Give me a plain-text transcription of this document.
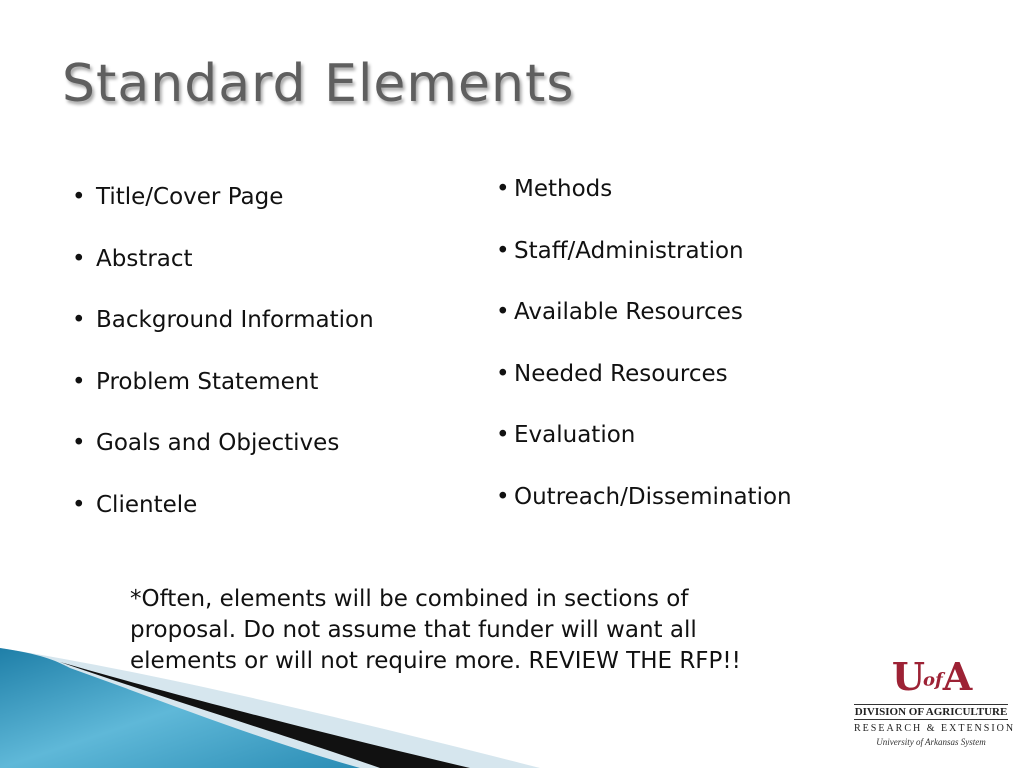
Standard Elements
• Title/Cover Page
• Abstract
• Background Information
• Problem Statement
• Goals and Objectives
• Clientele
• Methods
• Staff/Administration
• Available Resources
• Needed Resources
• Evaluation
• Outreach/Dissemination
*Often, elements will be combined in sections of proposal. Do not assume that funder will want all elements or will not require more. REVIEW THE RFP!!	UofA
DIVISION OF AGRICULTURE
RESEARCH & EXTENSION
University of Arkansas System
